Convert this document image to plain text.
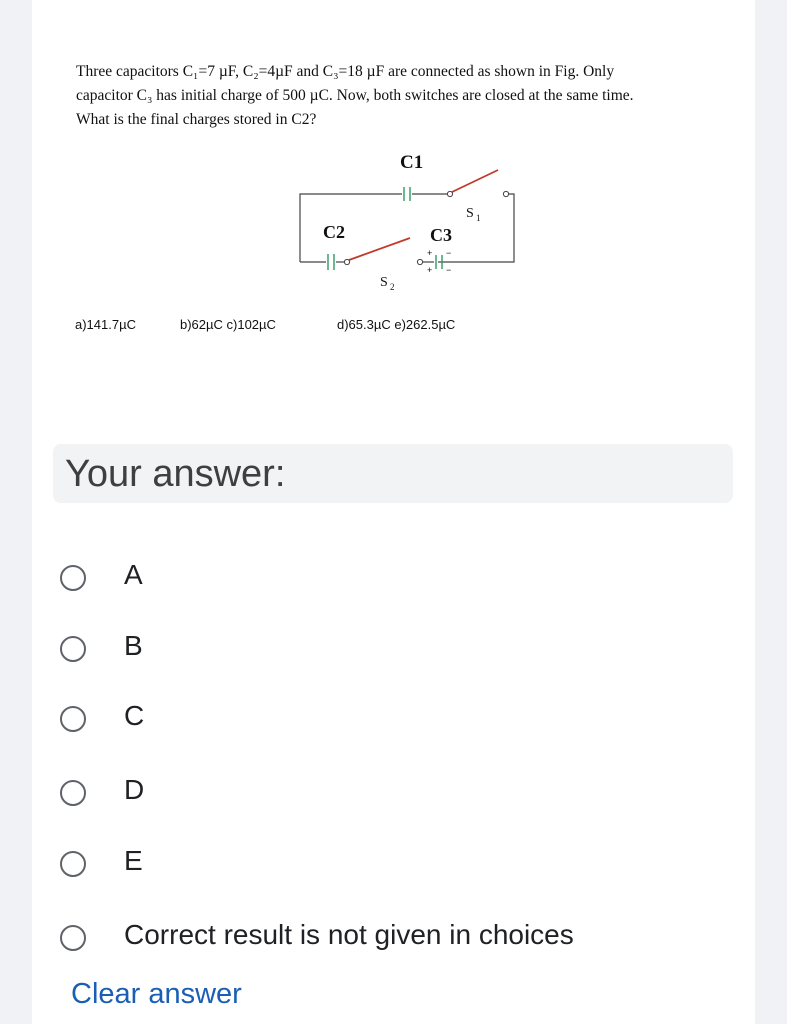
Three capacitors C₁=7 µF, C₂=4µF and C₃=18 µF are connected as shown in Fig. Only
capacitor C₃ has initial charge of 500 µC. Now, both switches are closed at the same time.
What is the final charges stored in C2?
C1
C2	C3
S 1
S 2
+
+
−
−
a)141.7µC	b)62µC c)102µC	d)65.3µC e)262.5µC
Your answer:
A
B
C
D
E
Correct result is not given in choices
Clear answer
